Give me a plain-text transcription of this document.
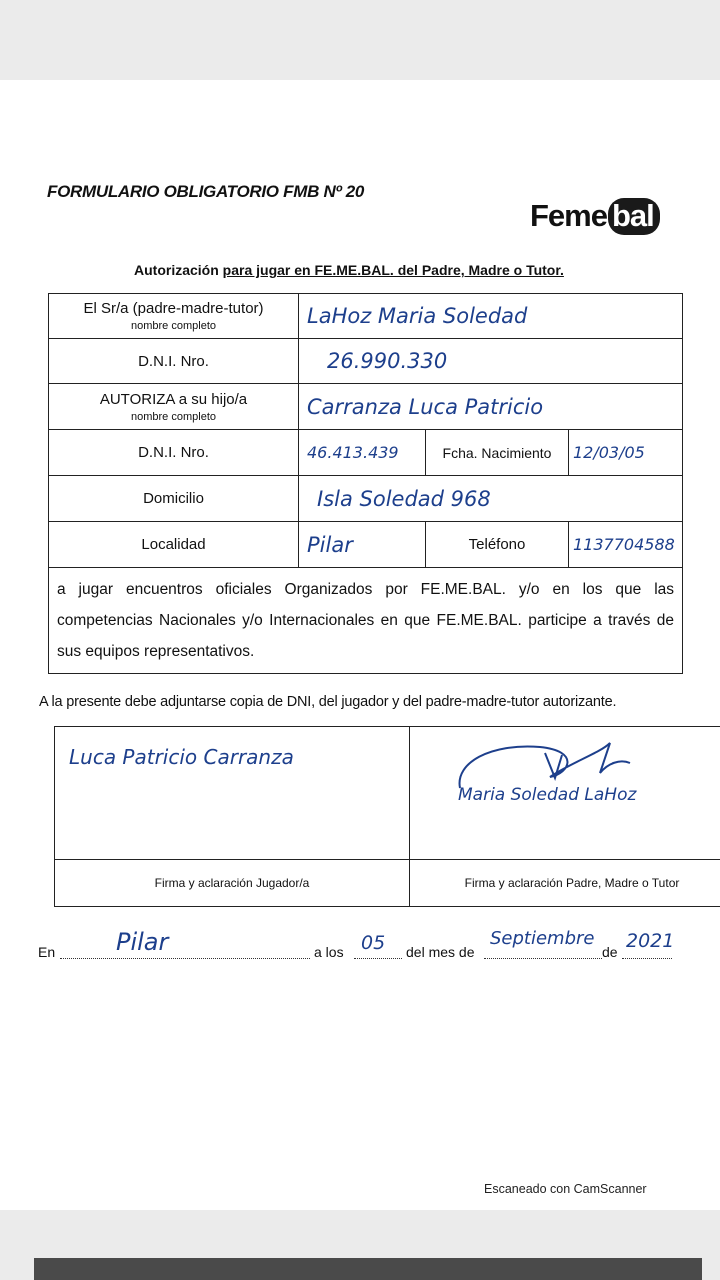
FORMULARIO OBLIGATORIO FMB Nº 20
Feme bal
Autorización para jugar en FE.ME.BAL. del Padre, Madre o Tutor.
El Sr/a (padre-madre-tutor)
nombre completo	LaHoz Maria Soledad		
D.N.I. Nro.	26.990.330		
AUTORIZA a su hijo/a
nombre completo	Carranza Luca Patricio		
D.N.I. Nro.	46.413.439	Fcha. Nacimiento	12/03/05
Domicilio	Isla Soledad 968		
Localidad	Pilar	Teléfono	1137704588
a jugar encuentros oficiales Organizados por FE.ME.BAL. y/o en los que las competencias Nacionales y/o Internacionales en que FE.ME.BAL. participe a través de sus equipos representativos.			
A la presente debe adjuntarse copia de DNI, del jugador y del padre-madre-tutor autorizante.
Luca Patricio Carranza	Maria Soledad LaHoz

Firma y aclaración Jugador/a	Firma y aclaración Padre, Madre o Tutor
En	Pilar	a los 05 del mes de
Septiembre
de 2021
Escaneado con CamScanner
